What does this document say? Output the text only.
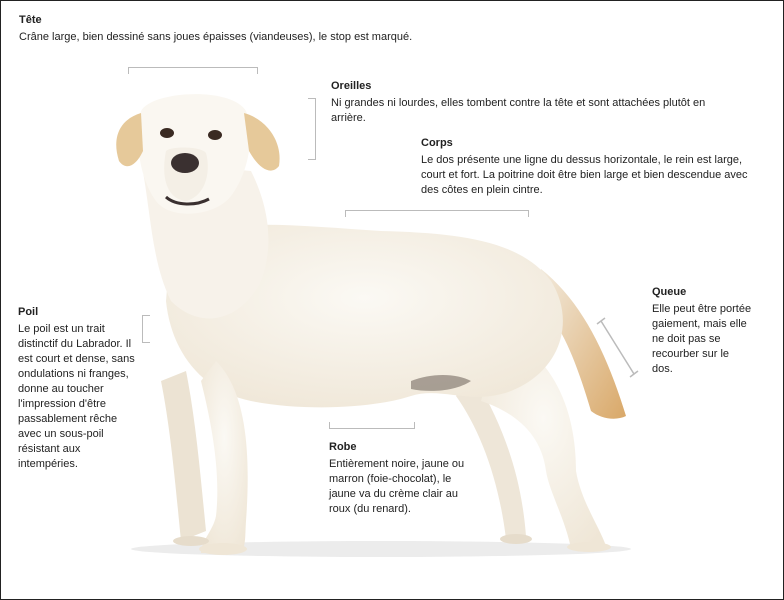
Tête

Crâne large, bien dessiné sans joues épaisses (viandeuses), le stop est marqué.

Oreilles

Ni grandes ni lourdes, elles tombent contre la tête et sont attachées plutôt en arrière.

Corps

Le dos présente une ligne du dessus horizontale, le rein est large, court et fort. La poitrine doit être bien large et bien descendue avec des côtes en plein cintre.

Poil

Le poil est un trait distinctif du Labrador. Il est court et dense, sans ondulations ni franges, donne au toucher l'impression d'être passablement rêche avec un sous-poil résistant aux intempéries.

Queue

Elle peut être portée gaiement, mais elle ne doit pas se recourber sur le dos.

Robe

Entièrement noire, jaune ou marron (foie-chocolat), le jaune va du crème clair au roux (du renard).
